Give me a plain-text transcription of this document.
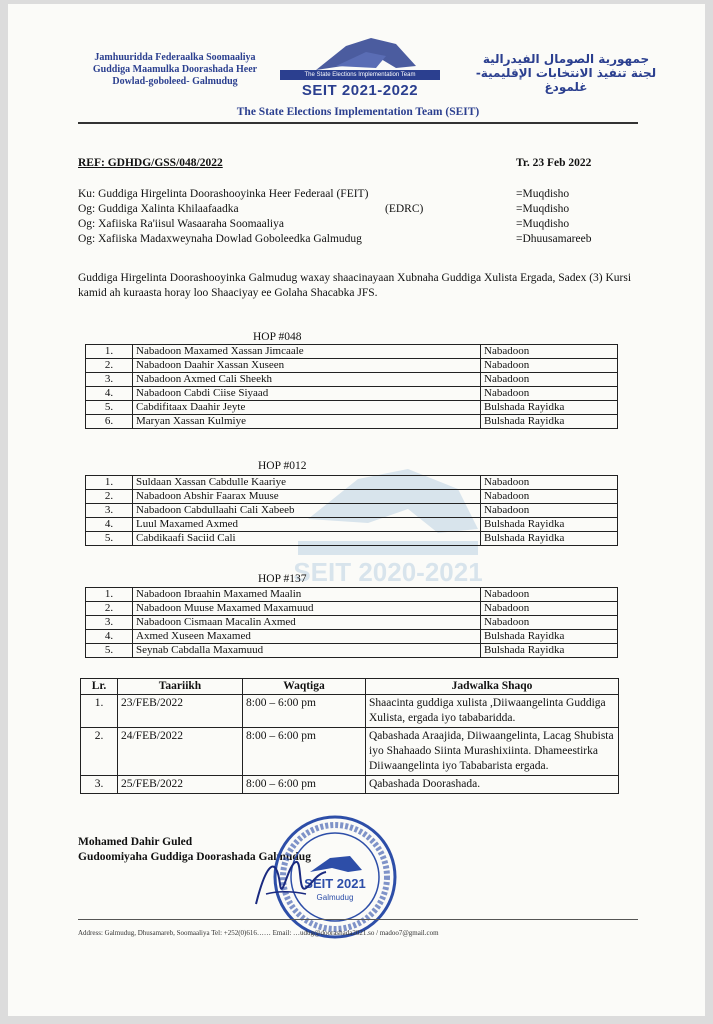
Jamhuuridda Federaalka Soomaaliya
Guddiga Maamulka Doorashada Heer
Dowlad-goboleed- Galmudug
The State Elections Implementation Team
SEIT 2021-2022
جمهورية الصومال الفيدرالية
لجنة تنفيذ الانتخابات الإقليمية- غلمودغ
The State Elections Implementation Team (SEIT)
SEIT 2020-2021
REF: GDHDG/GSS/048/2022	Tr. 23 Feb 2022
Ku: Guddiga Hirgelinta Doorashooyinka Heer Federaal (FEIT)	=Muqdisho
Og: Guddiga Xalinta Khilaafaadka	(EDRC)	=Muqdisho
Og: Xafiiska Ra'iisul Wasaaraha Soomaaliya	=Muqdisho
Og: Xafiiska Madaxweynaha Dowlad Goboleedka Galmudug	=Dhuusamareeb
Guddiga Hirgelinta Doorashooyinka Galmudug waxay shaacinayaan Xubnaha Guddiga Xulista Ergada, Sadex (3) Kursi kamid ah kuraasta horay loo Shaaciyay ee Golaha Shacabka JFS.
HOP #048
1.	Nabadoon Maxamed Xassan Jimcaale	Nabadoon
2.	Nabadoon Daahir Xassan Xuseen	Nabadoon
3.	Nabadoon Axmed Cali Sheekh	Nabadoon
4.	Nabadoon Cabdi Ciise Siyaad	Nabadoon
5.	Cabdifitaax Daahir Jeyte	Bulshada Rayidka
6.	Maryan Xassan Kulmiye	Bulshada Rayidka
HOP #012
1.	Suldaan Xassan Cabdulle Kaariye	Nabadoon
2.	Nabadoon Abshir Faarax Muuse	Nabadoon
3.	Nabadoon Cabdullaahi Cali Xabeeb	Nabadoon
4.	Luul Maxamed Axmed	Bulshada Rayidka
5.	Cabdikaafi Saciid Cali	Bulshada Rayidka
HOP #137
1.	Nabadoon Ibraahin Maxamed Maalin	Nabadoon
2.	Nabadoon Muuse Maxamed Maxamuud	Nabadoon
3.	Nabadoon Cismaan Macalin Axmed	Nabadoon
4.	Axmed Xuseen Maxamed	Bulshada Rayidka
5.	Seynab Cabdalla Maxamuud	Bulshada Rayidka
Lr.	Taariikh	Waqtiga	Jadwalka Shaqo
1.	23/FEB/2022	8:00 – 6:00 pm	Shaacinta guddiga xulista ,Diiwaangelinta Guddiga Xulista, ergada iyo tababaridda.
2.	24/FEB/2022	8:00 – 6:00 pm	Qabashada Araajida, Diiwaangelinta, Lacag Shubista iyo Shahaado Siinta Murashixiinta. Dhameestirka Diiwaangelinta iyo Tababarista ergada.
3.	25/FEB/2022	8:00 – 6:00 pm	Qabashada Doorashada.
Mohamed Dahir Guled
Gudoomiyaha Guddiga Doorashada Galmudug
SEIT 2021
Galmudug
Address: Galmudug, Dhusamareb, Soomaaliya Tel: +252(0)616…… Email: …udug@doorashada2021.so / madoo7@gmail.com
